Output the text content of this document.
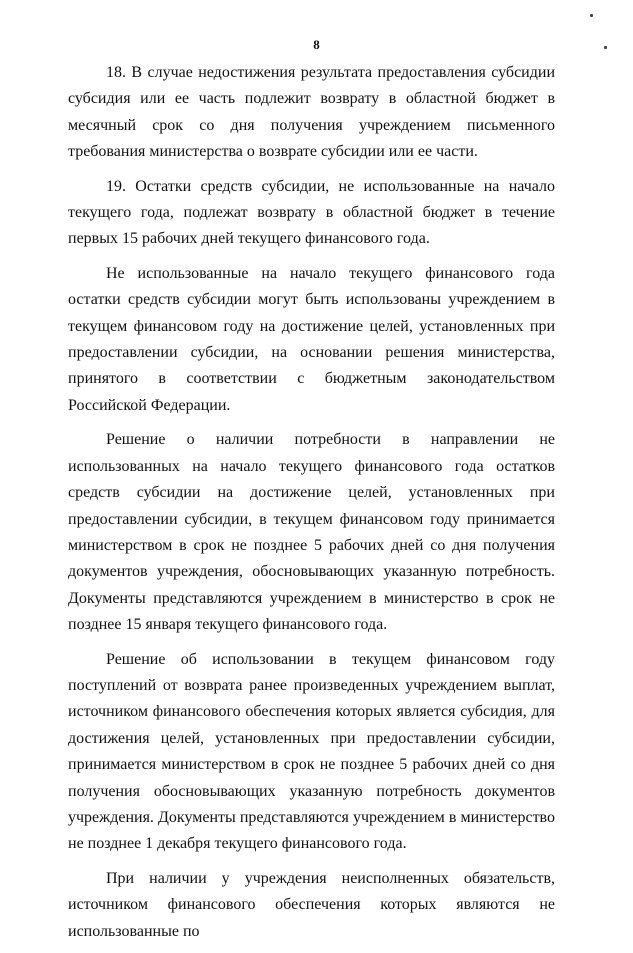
8

18. В случае недостижения результата предоставления субсидии субсидия или ее часть подлежит возврату в областной бюджет в месячный срок со дня получения учреждением письменного требования министерства о возврате субсидии или ее части.

19. Остатки средств субсидии, не использованные на начало текущего года, подлежат возврату в областной бюджет в течение первых 15 рабочих дней текущего финансового года.

Не использованные на начало текущего финансового года остатки средств субсидии могут быть использованы учреждением в текущем финансовом году на достижение целей, установленных при предоставлении субсидии, на основании решения министерства, принятого в соответствии с бюджетным законодательством Российской Федерации.

Решение о наличии потребности в направлении не использованных на начало текущего финансового года остатков средств субсидии на достижение целей, установленных при предоставлении субсидии, в текущем финансовом году принимается министерством в срок не позднее 5 рабочих дней со дня получения документов учреждения, обосновывающих указанную потребность. Документы представляются учреждением в министерство в срок не позднее 15 января текущего финансового года.

Решение об использовании в текущем финансовом году поступлений от возврата ранее произведенных учреждением выплат, источником финансового обеспечения которых является субсидия, для достижения целей, установленных при предоставлении субсидии, принимается министерством в срок не позднее 5 рабочих дней со дня получения обосновывающих указанную потребность документов учреждения. Документы представляются учреждением в министерство не позднее 1 декабря текущего финансового года.

При наличии у учреждения неисполненных обязательств, источником финансового обеспечения которых являются не использованные по
